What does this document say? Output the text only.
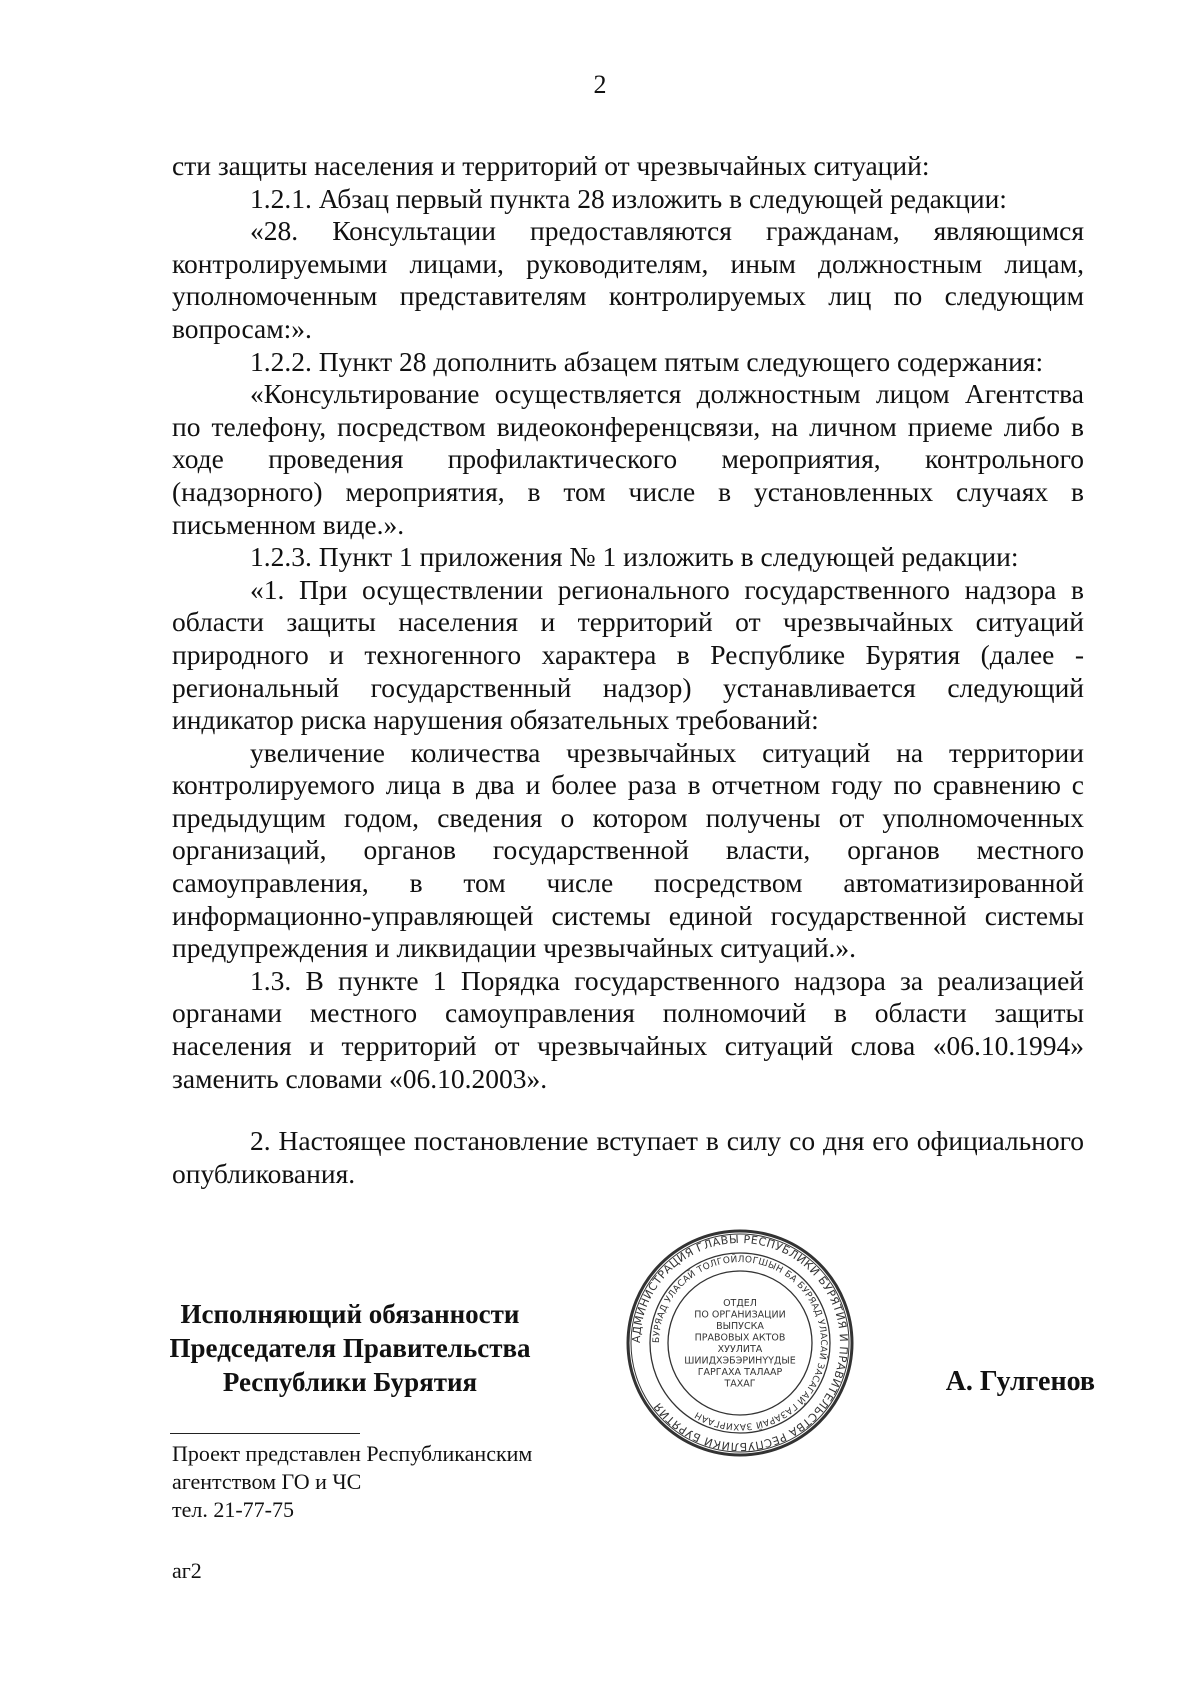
2

сти защиты населения и территорий от чрезвычайных ситуаций:

1.2.1. Абзац первый пункта 28 изложить в следующей редакции:

«28. Консультации предоставляются гражданам, являющимся контролируемыми лицами, руководителям, иным должностным лицам, уполномоченным представителям контролируемых лиц по следующим вопросам:».

1.2.2. Пункт 28 дополнить абзацем пятым следующего содержания:

«Консультирование осуществляется должностным лицом Агентства по телефону, посредством видеоконференцсвязи, на личном приеме либо в ходе проведения профилактического мероприятия, контрольного (надзорного) мероприятия, в том числе в установленных случаях в письменном виде.».

1.2.3. Пункт 1 приложения № 1 изложить в следующей редакции:

«1. При осуществлении регионального государственного надзора в области защиты населения и территорий от чрезвычайных ситуаций природного и техногенного характера в Республике Бурятия (далее - региональный государственный надзор) устанавливается следующий индикатор риска нарушения обязательных требований:

увеличение количества чрезвычайных ситуаций на территории контролируемого лица в два и более раза в отчетном году по сравнению с предыдущим годом, сведения о котором получены от уполномоченных организаций, органов государственной власти, органов местного самоуправления, в том числе посредством автоматизированной информационно-управляющей системы единой государственной системы предупреждения и ликвидации чрезвычайных ситуаций.».

1.3. В пункте 1 Порядка государственного надзора за реализацией органами местного самоуправления полномочий в области защиты населения и территорий от чрезвычайных ситуаций слова «06.10.1994» заменить словами «06.10.2003».

2. Настоящее постановление вступает в силу со дня его официального опубликования.

Исполняющий обязанности
Председателя Правительства
Республики Бурятия
АДМИНИСТРАЦИЯ ГЛАВЫ РЕСПУБЛИКИ БУРЯТИЯ И ПРАВИТЕЛЬСТВА РЕСПУБЛИКИ БУРЯТИЯ
БУРЯАД УЛАСАЙ ТОЛГОЙЛОГШЫН БА БУРЯАД УЛАСАЙ ЗАСАГАЙ ГАЗАРАЙ ЗАХИРГААН
ОТДЕЛ
ПО ОРГАНИЗАЦИИ
ВЫПУСКА
ПРАВОВЫХ АКТОВ
ХУУЛИТА
ШИИДХЭБЭРИНҮҮДЫЕ
ГАРГАХА ТАЛААР
ТАХАГ	А. Гулгенов
Проект представлен Республиканским
агентством ГО и ЧС
тел. 21-77-75
аг2
